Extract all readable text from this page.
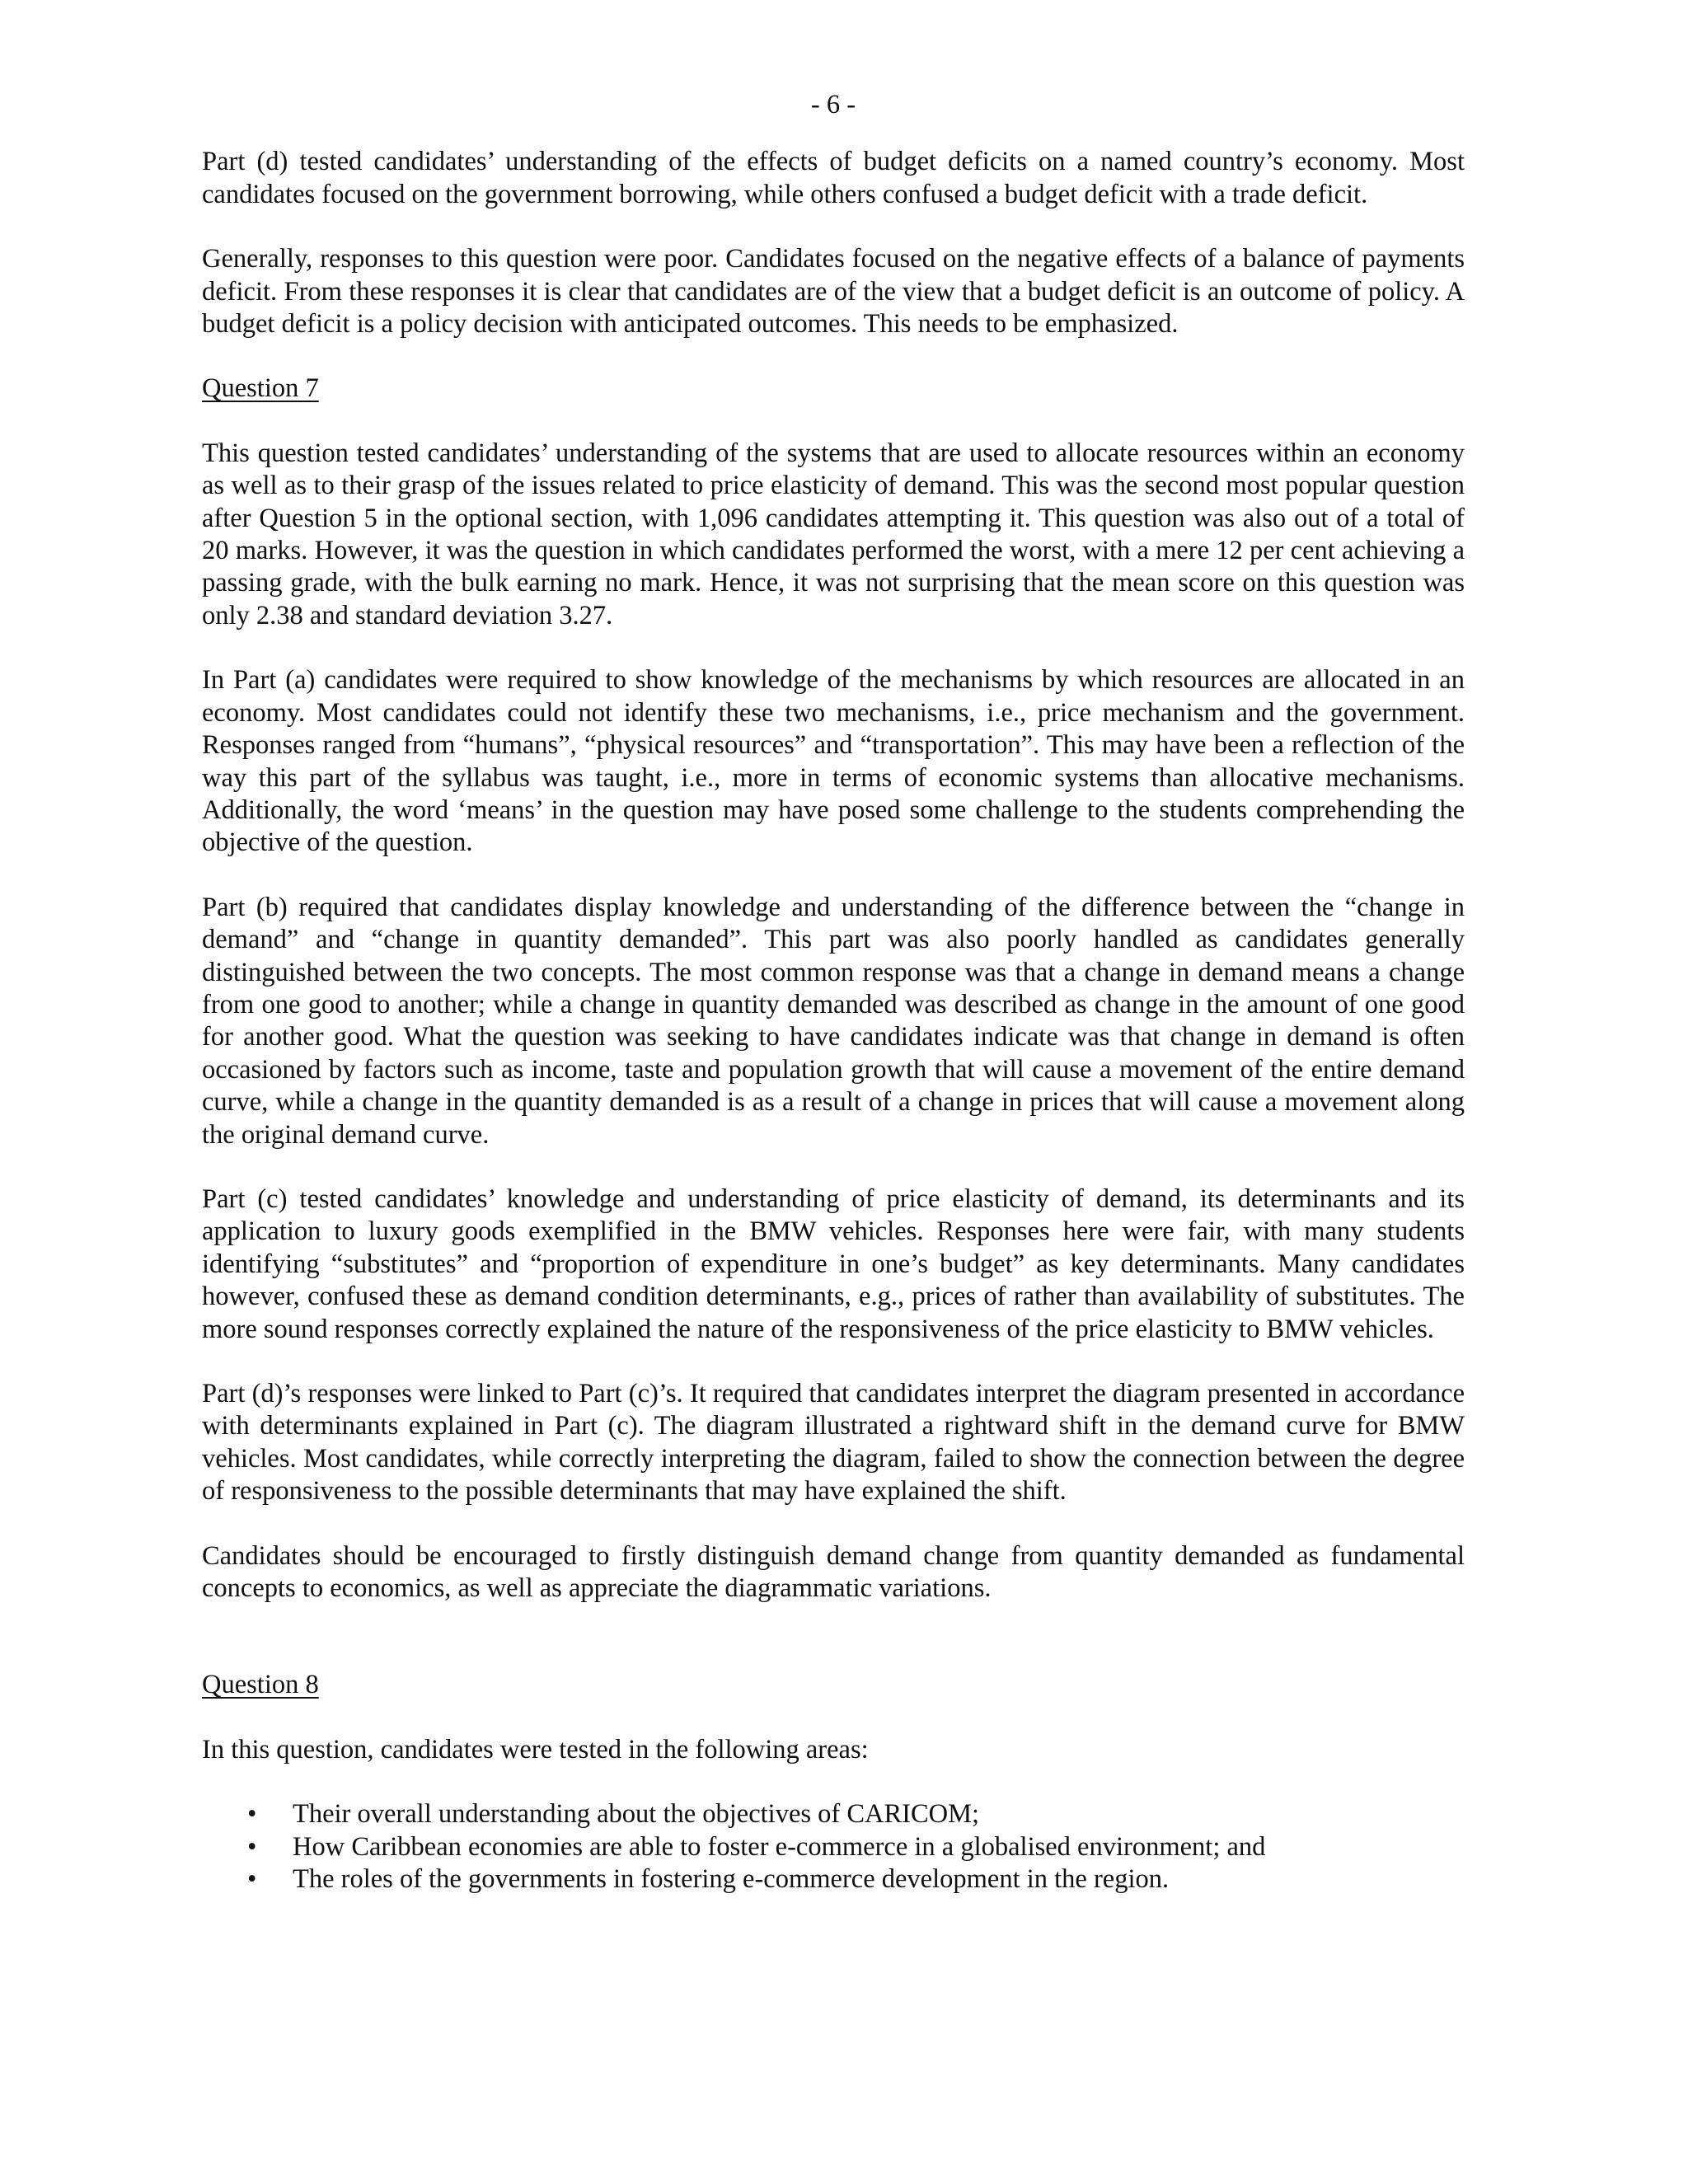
- 6 -

Part (d) tested candidates’ understanding of the effects of budget deficits on a named country’s economy. Most candidates focused on the government borrowing, while others confused a budget deficit with a trade deficit.

Generally, responses to this question were poor. Candidates focused on the negative effects of a balance of payments deficit. From these responses it is clear that candidates are of the view that a budget deficit is an outcome of policy. A budget deficit is a policy decision with anticipated outcomes. This needs to be emphasized.

Question 7

This question tested candidates’ understanding of the systems that are used to allocate resources within an economy as well as to their grasp of the issues related to price elasticity of demand. This was the second most popular question after Question 5 in the optional section, with 1,096 candidates attempting it. This question was also out of a total of 20 marks. However, it was the question in which candidates performed the worst, with a mere 12 per cent achieving a passing grade, with the bulk earning no mark. Hence, it was not surprising that the mean score on this question was only 2.38 and standard deviation 3.27.

In Part (a) candidates were required to show knowledge of the mechanisms by which resources are allocated in an economy. Most candidates could not identify these two mechanisms, i.e., price mechanism and the government. Responses ranged from “humans”, “physical resources” and “transportation”. This may have been a reflection of the way this part of the syllabus was taught, i.e., more in terms of economic systems than allocative mechanisms. Additionally, the word ‘means’ in the question may have posed some challenge to the students comprehending the objective of the question.

Part (b) required that candidates display knowledge and understanding of the difference between the “change in demand” and “change in quantity demanded”. This part was also poorly handled as candidates generally distinguished between the two concepts. The most common response was that a change in demand means a change from one good to another; while a change in quantity demanded was described as change in the amount of one good for another good. What the question was seeking to have candidates indicate was that change in demand is often occasioned by factors such as income, taste and population growth that will cause a movement of the entire demand curve, while a change in the quantity demanded is as a result of a change in prices that will cause a movement along the original demand curve.

Part (c) tested candidates’ knowledge and understanding of price elasticity of demand, its determinants and its application to luxury goods exemplified in the BMW vehicles. Responses here were fair, with many students identifying “substitutes” and “proportion of expenditure in one’s budget” as key determinants. Many candidates however, confused these as demand condition determinants, e.g., prices of rather than availability of substitutes. The more sound responses correctly explained the nature of the responsiveness of the price elasticity to BMW vehicles.

Part (d)’s responses were linked to Part (c)’s. It required that candidates interpret the diagram presented in accordance with determinants explained in Part (c). The diagram illustrated a rightward shift in the demand curve for BMW vehicles. Most candidates, while correctly interpreting the diagram, failed to show the connection between the degree of responsiveness to the possible determinants that may have explained the shift.

Candidates should be encouraged to firstly distinguish demand change from quantity demanded as fundamental concepts to economics, as well as appreciate the diagrammatic variations.

Question 8

In this question, candidates were tested in the following areas:

• Their overall understanding about the objectives of CARICOM;
• How Caribbean economies are able to foster e-commerce in a globalised environment; and
• The roles of the governments in fostering e-commerce development in the region.
